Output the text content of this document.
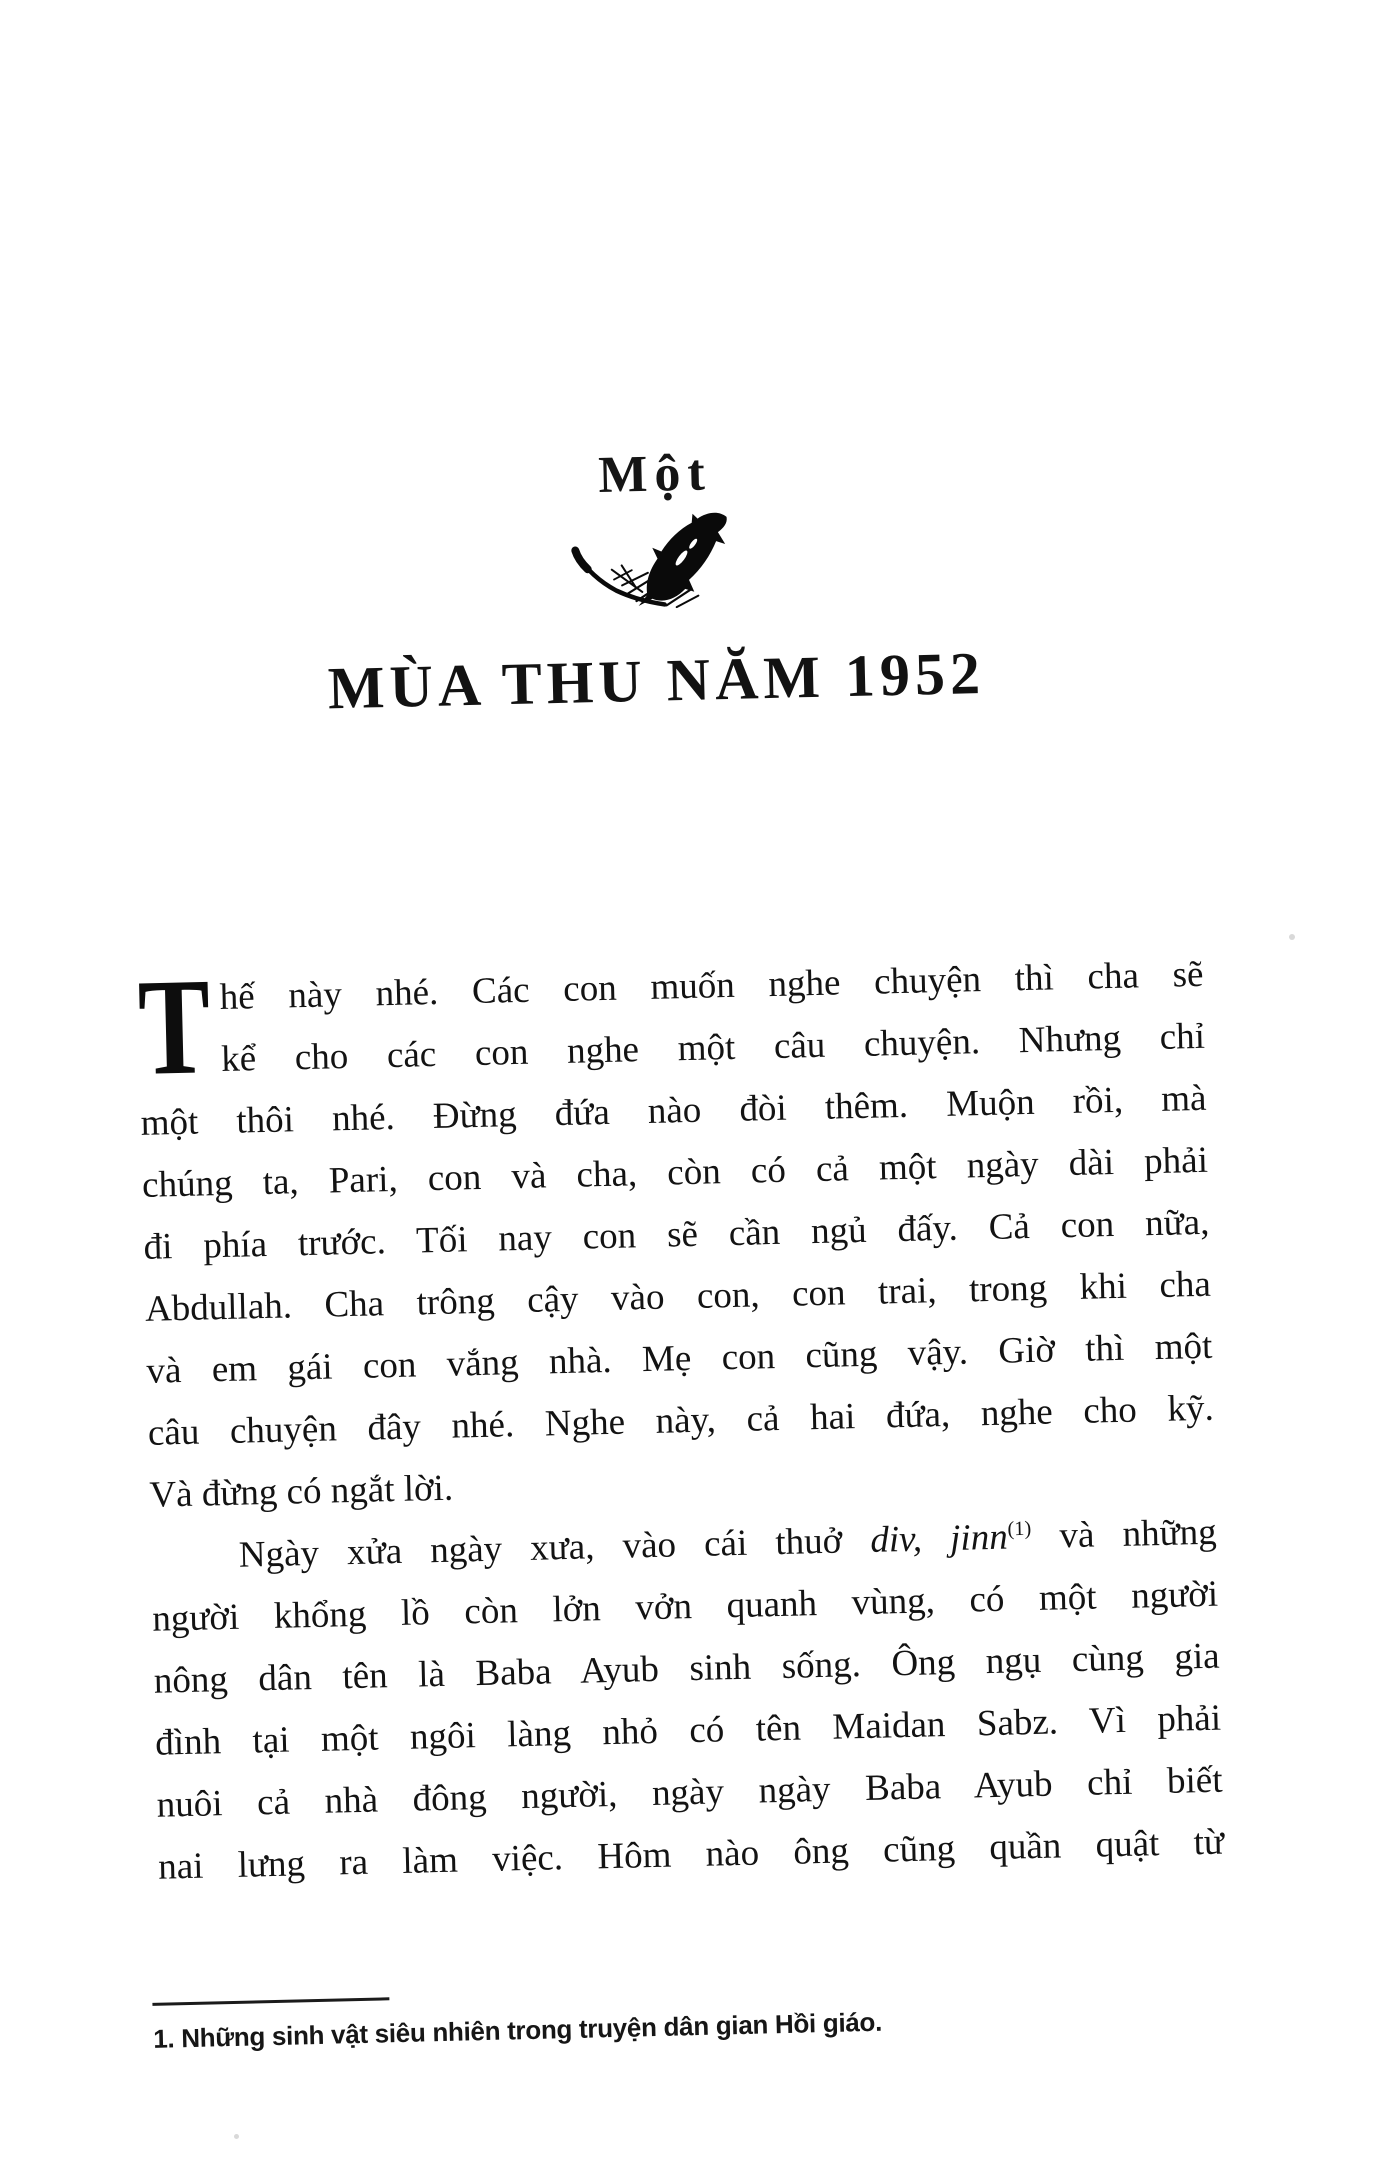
Một
MÙA THU NĂM 1952
T hế này nhé. Các con muốn nghe chuyện thì cha sẽ
kể cho các con nghe một câu chuyện. Nhưng chỉ
một thôi nhé. Đừng đứa nào đòi thêm. Muộn rồi, mà
chúng ta, Pari, con và cha, còn có cả một ngày dài phải
đi phía trước. Tối nay con sẽ cần ngủ đấy. Cả con nữa,
Abdullah. Cha trông cậy vào con, con trai, trong khi cha
và em gái con vắng nhà. Mẹ con cũng vậy. Giờ thì một
câu chuyện đây nhé. Nghe này, cả hai đứa, nghe cho kỹ.
Và đừng có ngắt lời.
Ngày xửa ngày xưa, vào cái thuở div, jinn$^{(1)}$ và những
người khổng lồ còn lởn vởn quanh vùng, có một người
nông dân tên là Baba Ayub sinh sống. Ông ngụ cùng gia
đình tại một ngôi làng nhỏ có tên Maidan Sabz. Vì phải
nuôi cả nhà đông người, ngày ngày Baba Ayub chỉ biết
nai lưng ra làm việc. Hôm nào ông cũng quần quật từ
1. Những sinh vật siêu nhiên trong truyện dân gian Hồi giáo.
